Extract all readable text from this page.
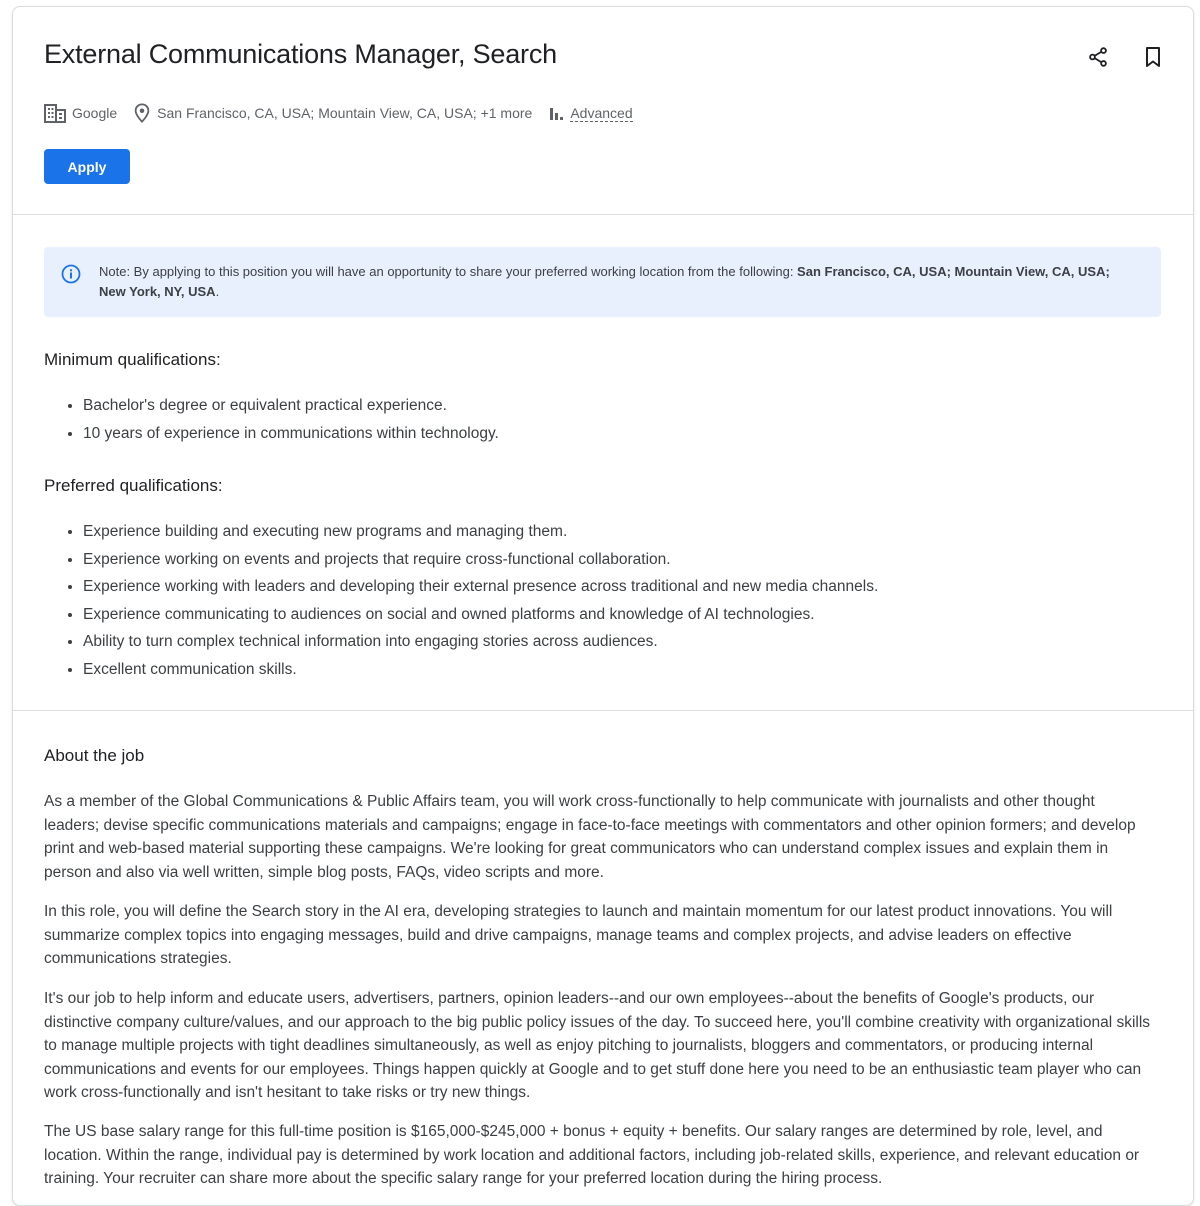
External Communications Manager, Search
Google	San Francisco, CA, USA; Mountain View, CA, USA; +1 more	Advanced
Apply
Note: By applying to this position you will have an opportunity to share your preferred working location from the following: San Francisco, CA, USA; Mountain View, CA, USA; New York, NY, USA.
Minimum qualifications:
• Bachelor's degree or equivalent practical experience.
• 10 years of experience in communications within technology.
Preferred qualifications:
• Experience building and executing new programs and managing them.
• Experience working on events and projects that require cross-functional collaboration.
• Experience working with leaders and developing their external presence across traditional and new media channels.
• Experience communicating to audiences on social and owned platforms and knowledge of AI technologies.
• Ability to turn complex technical information into engaging stories across audiences.
• Excellent communication skills.
About the job

As a member of the Global Communications & Public Affairs team, you will work cross-functionally to help communicate with journalists and other thought leaders; devise specific communications materials and campaigns; engage in face-to-face meetings with commentators and other opinion formers; and develop print and web-based material supporting these campaigns. We're looking for great communicators who can understand complex issues and explain them in person and also via well written, simple blog posts, FAQs, video scripts and more.

In this role, you will define the Search story in the AI era, developing strategies to launch and maintain momentum for our latest product innovations. You will summarize complex topics into engaging messages, build and drive campaigns, manage teams and complex projects, and advise leaders on effective communications strategies.

It's our job to help inform and educate users, advertisers, partners, opinion leaders--and our own employees--about the benefits of Google's products, our distinctive company culture/values, and our approach to the big public policy issues of the day. To succeed here, you'll combine creativity with organizational skills to manage multiple projects with tight deadlines simultaneously, as well as enjoy pitching to journalists, bloggers and commentators, or producing internal communications and events for our employees. Things happen quickly at Google and to get stuff done here you need to be an enthusiastic team player who can work cross-functionally and isn't hesitant to take risks or try new things.

The US base salary range for this full-time position is $165,000-$245,000 + bonus + equity + benefits. Our salary ranges are determined by role, level, and location. Within the range, individual pay is determined by work location and additional factors, including job-related skills, experience, and relevant education or training. Your recruiter can share more about the specific salary range for your preferred location during the hiring process.
